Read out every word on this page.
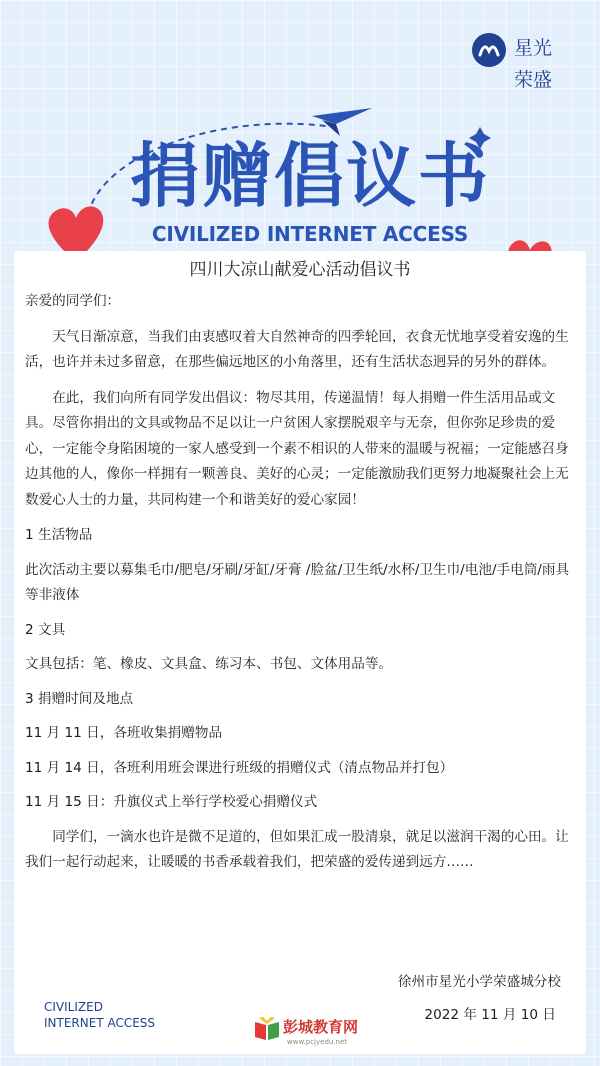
星光
荣盛
捐赠倡议书
CIVILIZED INTERNET ACCESS
四川大凉山献爱心活动倡议书

亲爱的同学们：

天气日渐凉意，当我们由衷感叹着大自然神奇的四季轮回，衣食无忧地享受着安逸的生活，也许并未过多留意，在那些偏远地区的小角落里，还有生活状态迥异的另外的群体。

在此，我们向所有同学发出倡议：物尽其用，传递温情！每人捐赠一件生活用品或文具。尽管你捐出的文具或物品不足以让一户贫困人家摆脱艰辛与无奈，但你弥足珍贵的爱心，一定能令身陷困境的一家人感受到一个素不相识的人带来的温暖与祝福；一定能感召身边其他的人，像你一样拥有一颗善良、美好的心灵；一定能激励我们更努力地凝聚社会上无数爱心人士的力量，共同构建一个和谐美好的爱心家园！

1 生活物品

此次活动主要以募集毛巾/肥皂/牙刷/牙缸/牙膏 /脸盆/卫生纸/水杯/卫生巾/电池/手电筒/雨具等非液体

2 文具

文具包括：笔、橡皮、文具盒、练习本、书包、文体用品等。

3 捐赠时间及地点

11 月 11 日，各班收集捐赠物品

11 月 14 日，各班利用班会课进行班级的捐赠仪式（清点物品并打包）

11 月 15 日：升旗仪式上举行学校爱心捐赠仪式

同学们，一滴水也许是微不足道的，但如果汇成一股清泉，就足以滋润干渴的心田。让我们一起行动起来，让暖暖的书香承载着我们，把荣盛的爱传递到远方……

徐州市星光小学荣盛城分校
2022 年 11 月 10 日
CIVILIZED
INTERNET ACCESS	彭城教育网
www.pcjyedu.net
